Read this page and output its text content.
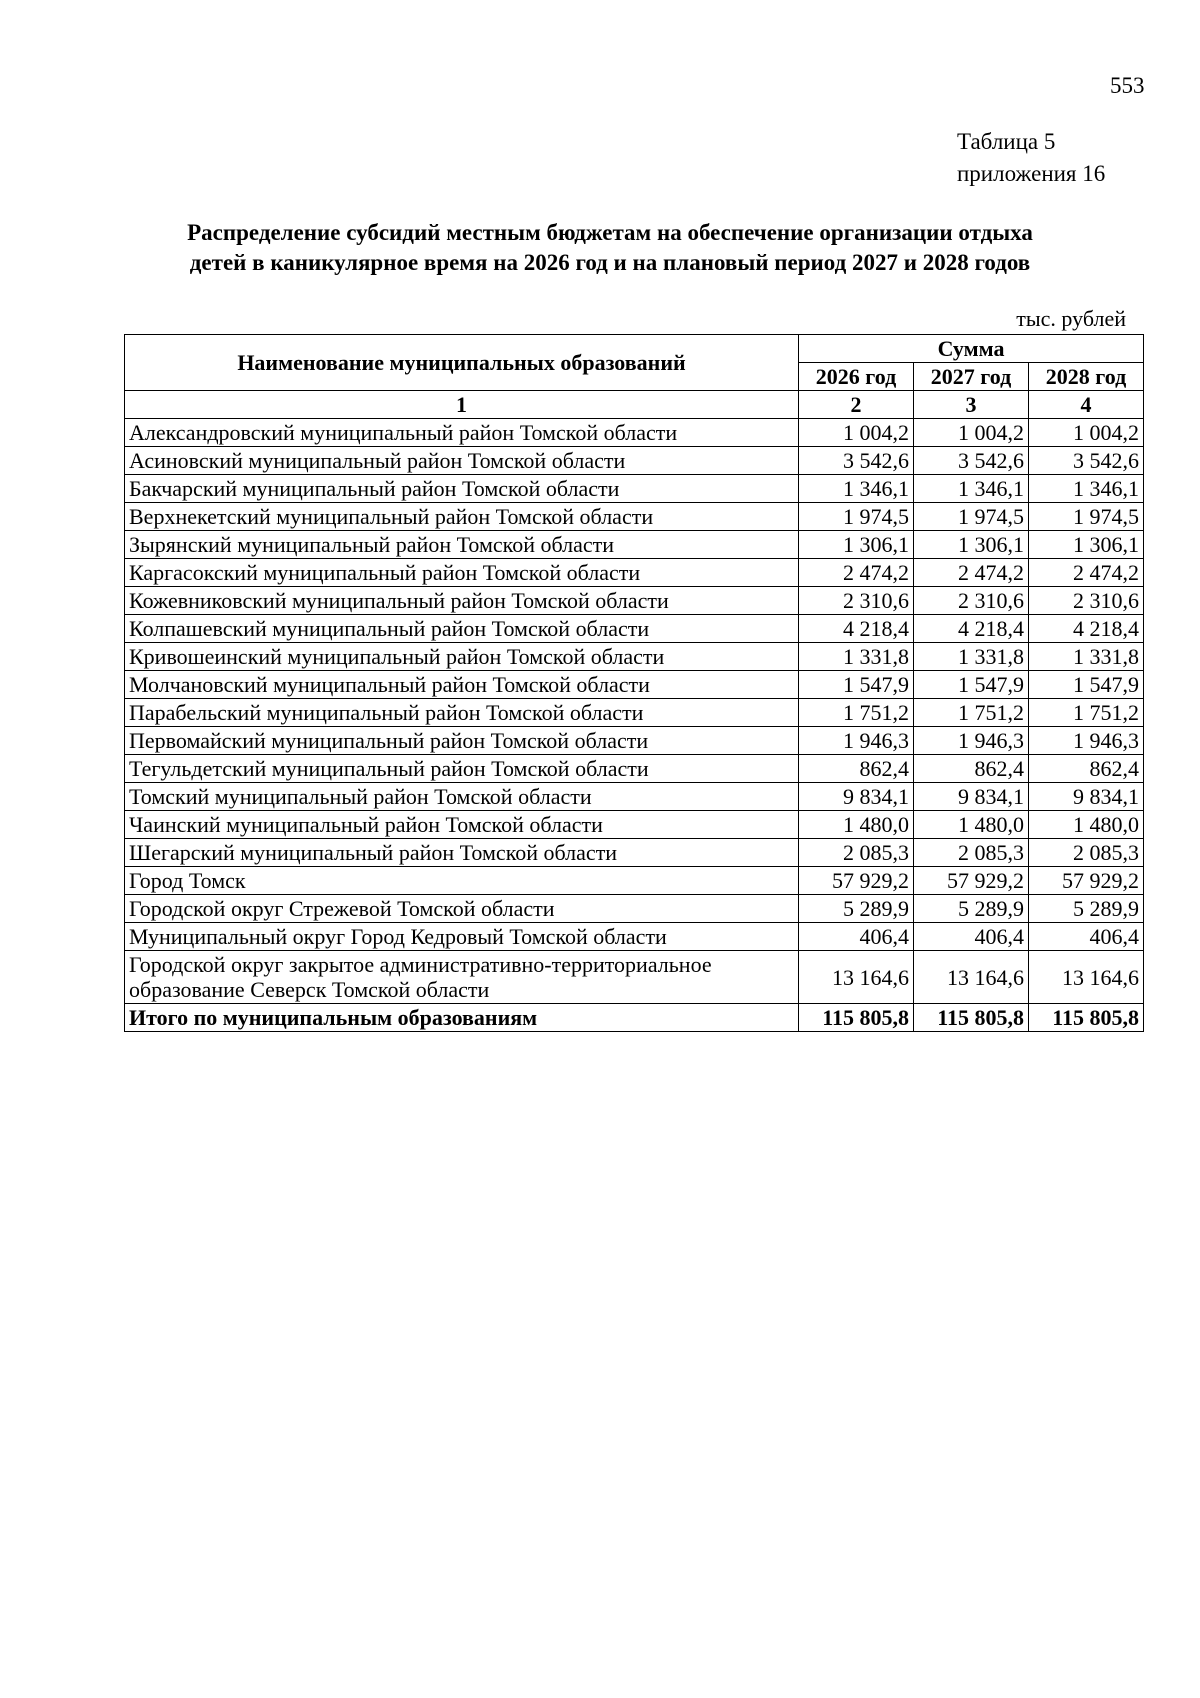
553
Таблица 5
приложения 16
Распределение субсидий местным бюджетам на обеспечение организации отдыха
детей в каникулярное время на 2026 год и на плановый период 2027 и 2028 годов
тыс. рублей
Наименование муниципальных образований	Сумма		
	2026 год	2027 год	2028 год
1	2	3	4
Александровский муниципальный район Томской области	1 004,2	1 004,2	1 004,2
Асиновский муниципальный район Томской области	3 542,6	3 542,6	3 542,6
Бакчарский муниципальный район Томской области	1 346,1	1 346,1	1 346,1
Верхнекетский муниципальный район Томской области	1 974,5	1 974,5	1 974,5
Зырянский муниципальный район Томской области	1 306,1	1 306,1	1 306,1
Каргасокский муниципальный район Томской области	2 474,2	2 474,2	2 474,2
Кожевниковский муниципальный район Томской области	2 310,6	2 310,6	2 310,6
Колпашевский муниципальный район Томской области	4 218,4	4 218,4	4 218,4
Кривошеинский муниципальный район Томской области	1 331,8	1 331,8	1 331,8
Молчановский муниципальный район Томской области	1 547,9	1 547,9	1 547,9
Парабельский муниципальный район Томской области	1 751,2	1 751,2	1 751,2
Первомайский муниципальный район Томской области	1 946,3	1 946,3	1 946,3
Тегульдетский муниципальный район Томской области	862,4	862,4	862,4
Томский муниципальный район Томской области	9 834,1	9 834,1	9 834,1
Чаинский муниципальный район Томской области	1 480,0	1 480,0	1 480,0
Шегарский муниципальный район Томской области	2 085,3	2 085,3	2 085,3
Город Томск	57 929,2	57 929,2	57 929,2
Городской округ Стрежевой Томской области	5 289,9	5 289,9	5 289,9
Муниципальный округ Город Кедровый Томской области	406,4	406,4	406,4
Городской округ закрытое административно-территориальное образование Северск Томской области	13 164,6	13 164,6	13 164,6
Итого по муниципальным образованиям	115 805,8	115 805,8	115 805,8
